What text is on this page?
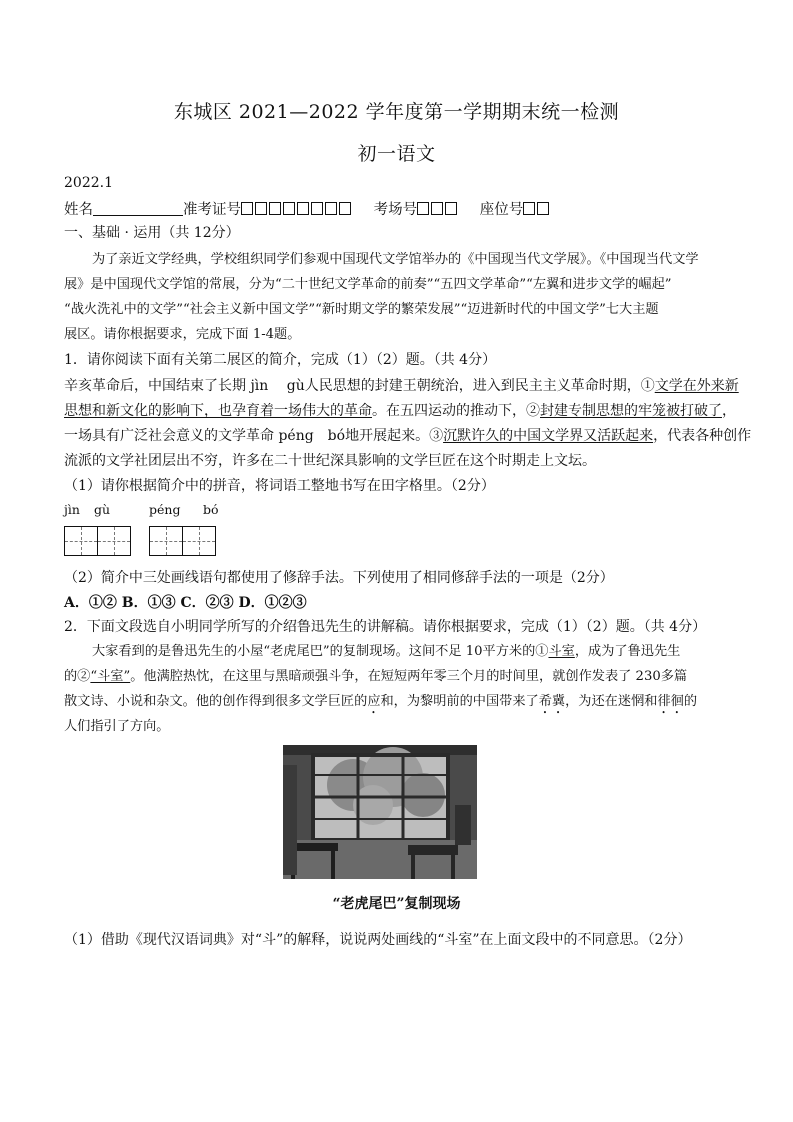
东城区 2021—2022 学年度第一学期期末统一检测
初一语文
2022.1
姓名	准考证号	考场号	座位号
一、基础 · 运用（共 12分）
为了亲近文学经典，学校组织同学们参观中国现代文学馆举办的《中国现当代文学展》。《中国现当代文学
展》是中国现代文学馆的常展，分为“二十世纪文学革命的前奏”“五四文学革命”“左翼和进步文学的崛起”
“战火洗礼中的文学”“社会主义新中国文学”“新时期文学的繁荣发展”“迈进新时代的中国文学”七大主题
展区。请你根据要求，完成下面 1-4题。
1．请你阅读下面有关第二展区的简介，完成（1）（2）题。（共 4分）
辛亥革命后，中国结束了长期 jìn　 gù人民思想的封建王朝统治，进入到民主主义革命时期，①文学在外来新
思想和新文化的影响下，也孕育着一场伟大的革命。在五四运动的推动下，②封建专制思想的牢笼被打破了，
一场具有广泛社会意义的文学革命 péng　bó地开展起来。③沉默许久的中国文学界又活跃起来，代表各种创作
流派的文学社团层出不穷，许多在二十世纪深具影响的文学巨匠在这个时期走上文坛。
（1）请你根据简介中的拼音，将词语工整地书写在田字格里。（2分）
jìn gù	péng bó
（2）简介中三处画线语句都使用了修辞手法。下列使用了相同修辞手法的一项是（2分）
A．①② B．①③ C．②③ D．①②③
2．下面文段选自小明同学所写的介绍鲁迅先生的讲解稿。请你根据要求，完成（1）（2）题。（共 4分）
大家看到的是鲁迅先生的小屋“老虎尾巴”的复制现场。这间不足 10平方米的①斗室，成为了鲁迅先生
的②“斗室”。他满腔热忱，在这里与黑暗顽强斗争，在短短两年零三个月的时间里，就创作发表了 230多篇
散文诗、小说和杂文。他的创作得到很多文学巨匠的应和，为黎明前的中国带来了希冀，为还在迷惘和徘徊的
人们指引了方向。
“老虎尾巴”复制现场
（1）借助《现代汉语词典》对“斗”的解释，说说两处画线的“斗室”在上面文段中的不同意思。（2分）
